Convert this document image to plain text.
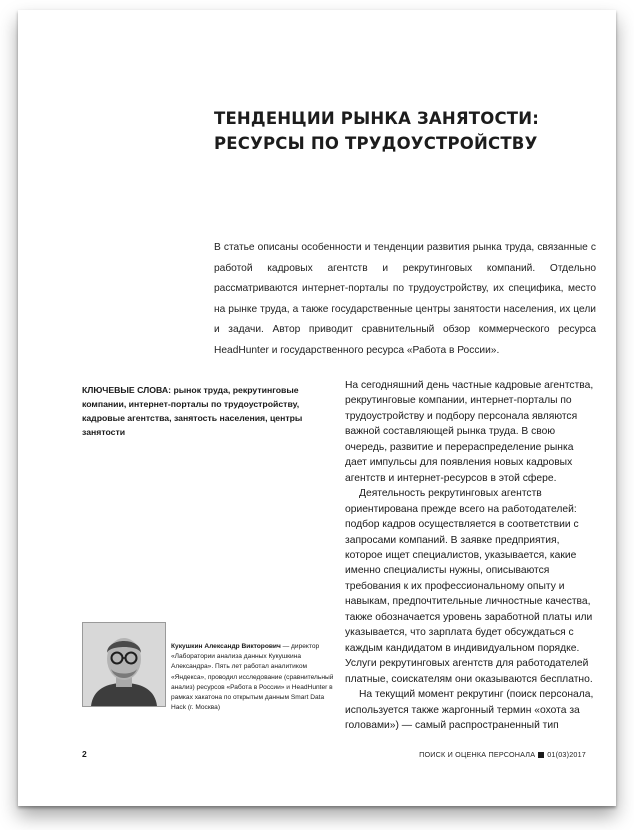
ТЕНДЕНЦИИ РЫНКА ЗАНЯТОСТИ:
РЕСУРСЫ ПО ТРУДОУСТРОЙСТВУ

В статье описаны особенности и тенденции развития рынка труда, связанные с работой кадровых агентств и рекрутинговых компаний. Отдельно рассматриваются интернет-порталы по трудоустройству, их специфика, место на рынке труда, а также государственные центры занятости населения, их цели и задачи. Автор приводит сравнительный обзор коммерческого ресурса HeadHunter и государственного ресурса «Работа в России».

КЛЮЧЕВЫЕ СЛОВА: рынок труда, рекрутинговые компании, интернет-порталы по трудоустройству, кадровые агентства, занятость населения, центры занятости

На сегодняшний день частные кадровые агентства, рекрутинговые компании, интернет-порталы по трудоустройству и подбору персонала являются важной составляющей рынка труда. В свою очередь, развитие и перераспределение рынка дает импульсы для появления новых кадровых агентств и интернет-ресурсов в этой сфере.

Деятельность рекрутинговых агентств ориентирована прежде всего на работодателей: подбор кадров осуществляется в соответствии с запросами компаний. В заявке предприятия, которое ищет специалистов, указывается, какие именно специалисты нужны, описываются требования к их профессиональному опыту и навыкам, предпочтительные личностные качества, также обозначается уровень заработной платы или указывается, что зарплата будет обсуждаться с каждым кандидатом в индивидуальном порядке. Услуги рекрутинговых агентств для работодателей платные, соискателям они оказываются бесплатно.

На текущий момент рекрутинг (поиск персонала, используется также жаргонный термин «охота за головами») — самый распространенный тип

Кукушкин Александр Викторович — директор «Лаборатории анализа данных Кукушкина Александра». Пять лет работал аналитиком «Яндекса», проводил исследование (сравнительный анализ) ресурсов «Работа в России» и HeadHunter в рамках хакатона по открытым данным Smart Data Hack (г. Москва)

2	ПОИСК И ОЦЕНКА ПЕРСОНАЛА 01(03)2017
